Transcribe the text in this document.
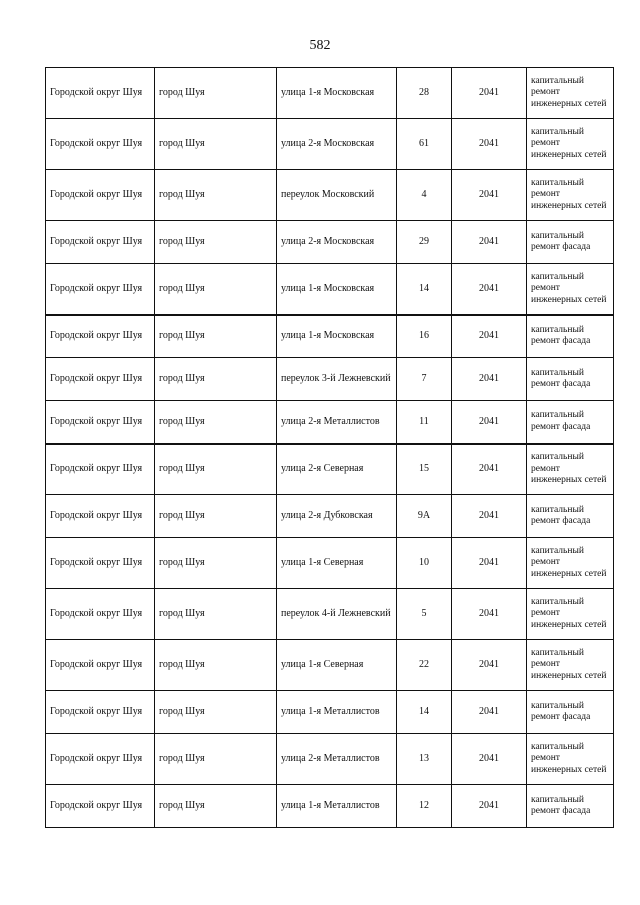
582
Городской округ Шуя	город Шуя	улица 1-я Московская	28	2041	капитальный ремонт инженерных сетей
Городской округ Шуя	город Шуя	улица 2-я Московская	61	2041	капитальный ремонт инженерных сетей
Городской округ Шуя	город Шуя	переулок Московский	4	2041	капитальный ремонт инженерных сетей
Городской округ Шуя	город Шуя	улица 2-я Московская	29	2041	капитальный ремонт фасада
Городской округ Шуя	город Шуя	улица 1-я Московская	14	2041	капитальный ремонт инженерных сетей
Городской округ Шуя	город Шуя	улица 1-я Московская	16	2041	капитальный ремонт фасада
Городской округ Шуя	город Шуя	переулок 3-й Лежневский	7	2041	капитальный ремонт фасада
Городской округ Шуя	город Шуя	улица 2-я Металлистов	11	2041	капитальный ремонт фасада
Городской округ Шуя	город Шуя	улица 2-я Северная	15	2041	капитальный ремонт инженерных сетей
Городской округ Шуя	город Шуя	улица 2-я Дубковская	9А	2041	капитальный ремонт фасада
Городской округ Шуя	город Шуя	улица 1-я Северная	10	2041	капитальный ремонт инженерных сетей
Городской округ Шуя	город Шуя	переулок 4-й Лежневский	5	2041	капитальный ремонт инженерных сетей
Городской округ Шуя	город Шуя	улица 1-я Северная	22	2041	капитальный ремонт инженерных сетей
Городской округ Шуя	город Шуя	улица 1-я Металлистов	14	2041	капитальный ремонт фасада
Городской округ Шуя	город Шуя	улица 2-я Металлистов	13	2041	капитальный ремонт инженерных сетей
Городской округ Шуя	город Шуя	улица 1-я Металлистов	12	2041	капитальный ремонт фасада
